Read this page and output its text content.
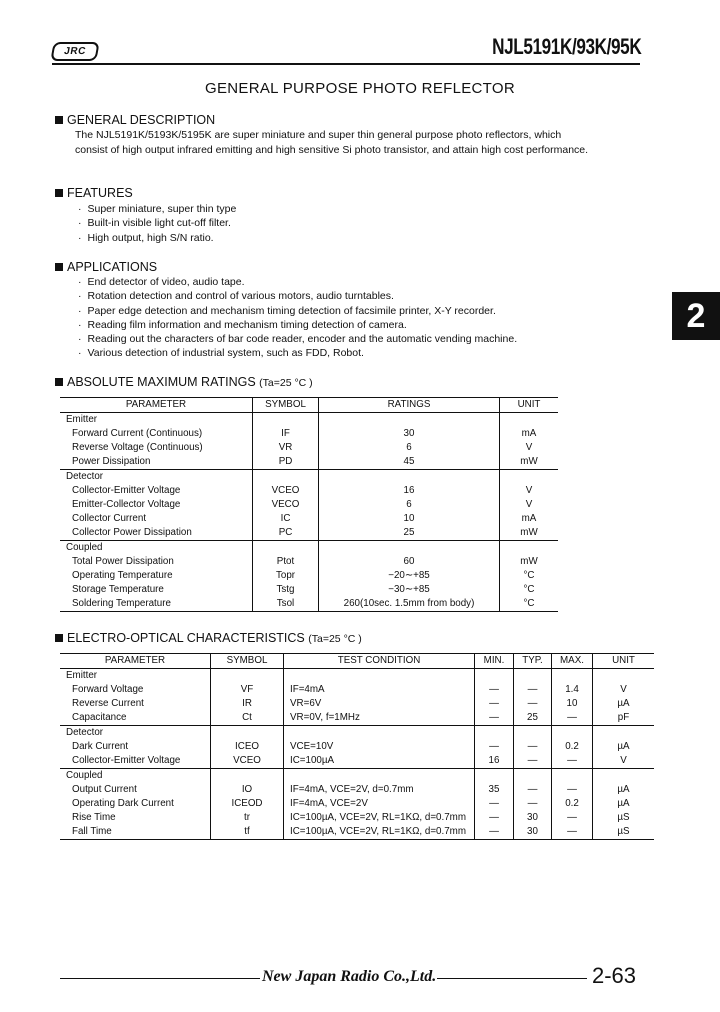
JRC	NJL5191K/93K/95K
GENERAL PURPOSE PHOTO REFLECTOR
GENERAL DESCRIPTION
The NJL5191K/5193K/5195K are super miniature and super thin general purpose photo reflectors, which consist of high output infrared emitting and high sensitive Si photo transistor, and attain high cost performance.
FEATURES
· Super miniature, super thin type
· Built-in visible light cut-off filter.
· High output, high S/N ratio.
APPLICATIONS
· End detector of video, audio tape.
· Rotation detection and control of various motors, audio turntables.
· Paper edge detection and mechanism timing detection of facsimile printer, X-Y recorder.
· Reading film information and mechanism timing detection of camera.
· Reading out the characters of bar code reader, encoder and the automatic vending machine.
· Various detection of industrial system, such as FDD, Robot.
2
ABSOLUTE MAXIMUM RATINGS (Ta=25 °C )
PARAMETER	SYMBOL	RATINGS	UNIT
Emitter			
Forward Current (Continuous)	IF	30	mA
Reverse Voltage (Continuous)	VR	6	V
Power Dissipation	PD	45	mW
Detector			
Collector-Emitter Voltage	VCEO	16	V
Emitter-Collector Voltage	VECO	6	V
Collector Current	IC	10	mA
Collector Power Dissipation	PC	25	mW
Coupled			
Total Power Dissipation	Ptot	60	mW
Operating Temperature	Topr	−20∼+85	°C
Storage Temperature	Tstg	−30∼+85	°C
Soldering Temperature	Tsol	260(10sec. 1.5mm from body)	°C
ELECTRO-OPTICAL CHARACTERISTICS (Ta=25 °C )
PARAMETER	SYMBOL	TEST CONDITION	MIN.	TYP.	MAX.	UNIT
Emitter						
Forward Voltage	VF	IF=4mA	—	—	1.4	V
Reverse Current	IR	VR=6V	—	—	10	µA
Capacitance	Ct	VR=0V, f=1MHz	—	25	—	pF
Detector						
Dark Current	ICEO	VCE=10V	—	—	0.2	µA
Collector-Emitter Voltage	VCEO	IC=100µA	16	—	—	V
Coupled						
Output Current	IO	IF=4mA, VCE=2V, d=0.7mm	35	—	—	µA
Operating Dark Current	ICEOD	IF=4mA, VCE=2V	—	—	0.2	µA
Rise Time	tr	IC=100µA, VCE=2V, RL=1KΩ, d=0.7mm	—	30	—	µS
Fall Time	tf	IC=100µA, VCE=2V, RL=1KΩ, d=0.7mm	—	30	—	µS
New Japan Radio Co.,Ltd.	2-63
